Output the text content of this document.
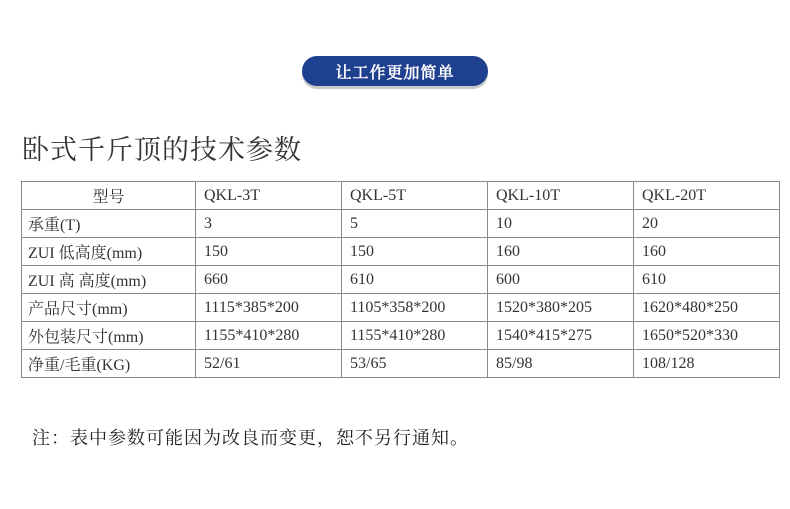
让工作更加简单
卧式千斤顶的技术参数
型号	QKL-3T	QKL-5T	QKL-10T	QKL-20T
承重(T)	3	5	10	20
ZUI 低高度(mm)	150	150	160	160
ZUI 高 高度(mm)	660	610	600	610
产品尺寸(mm)	1115*385*200	1105*358*200	1520*380*205	1620*480*250
外包装尺寸(mm)	1155*410*280	1155*410*280	1540*415*275	1650*520*330
净重/毛重(KG)	52/61	53/65	85/98	108/128
注：表中参数可能因为改良而变更，恕不另行通知。
